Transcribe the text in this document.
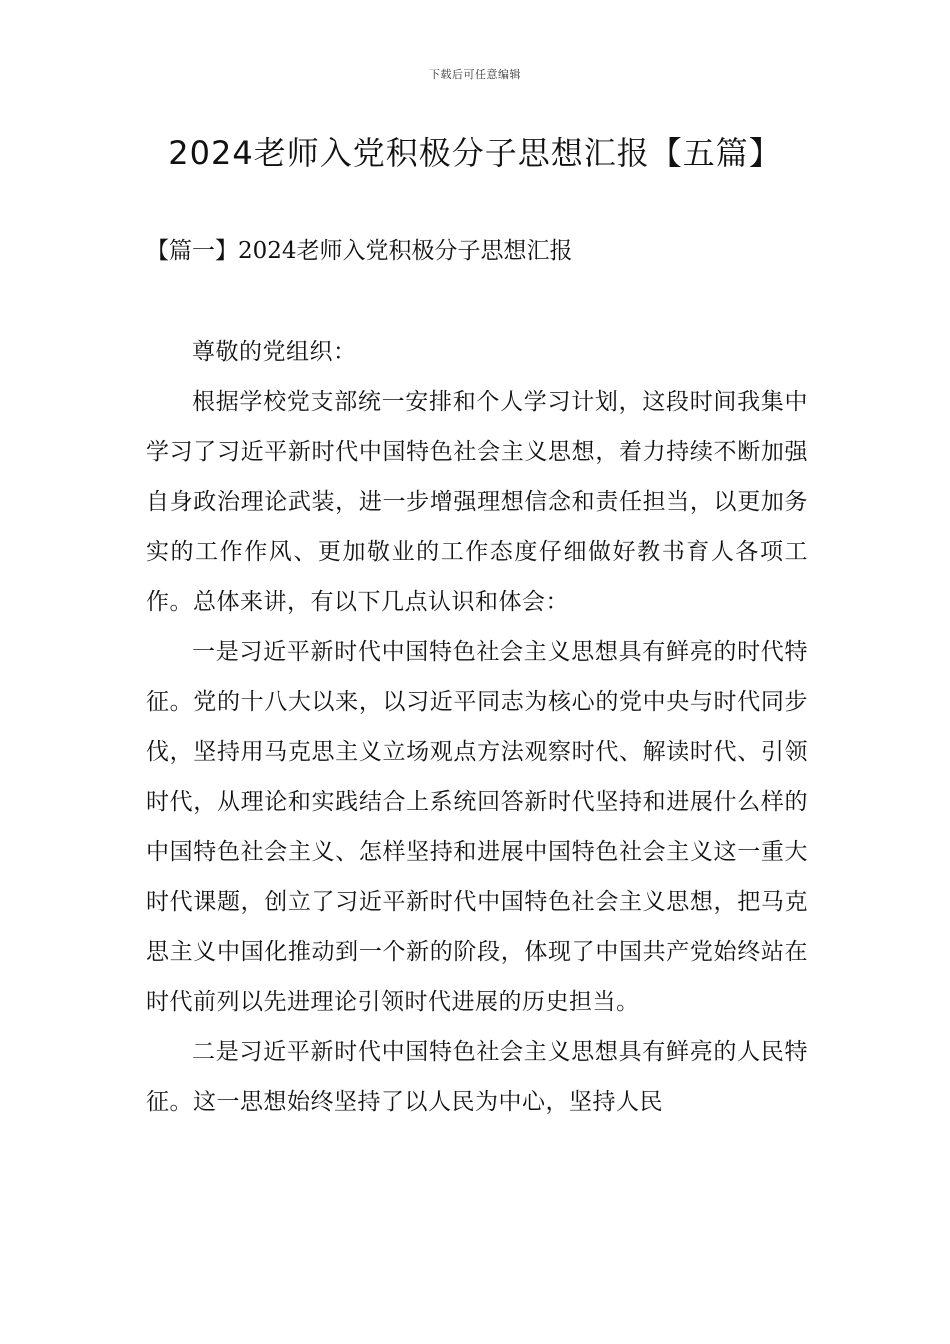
下载后可任意编辑
2024老师入党积极分子思想汇报【五篇】
【篇一】2024老师入党积极分子思想汇报

尊敬的党组织：

根据学校党支部统一安排和个人学习计划，这段时间我集中学习了习近平新时代中国特色社会主义思想，着力持续不断加强自身政治理论武装，进一步增强理想信念和责任担当，以更加务实的工作作风、更加敬业的工作态度仔细做好教书育人各项工作。总体来讲，有以下几点认识和体会：

一是习近平新时代中国特色社会主义思想具有鲜亮的时代特征。党的十八大以来，以习近平同志为核心的党中央与时代同步伐，坚持用马克思主义立场观点方法观察时代、解读时代、引领时代，从理论和实践结合上系统回答新时代坚持和进展什么样的中国特色社会主义、怎样坚持和进展中国特色社会主义这一重大时代课题，创立了习近平新时代中国特色社会主义思想，把马克思主义中国化推动到一个新的阶段，体现了中国共产党始终站在时代前列以先进理论引领时代进展的历史担当。

二是习近平新时代中国特色社会主义思想具有鲜亮的人民特征。这一思想始终坚持了以人民为中心，坚持人民
